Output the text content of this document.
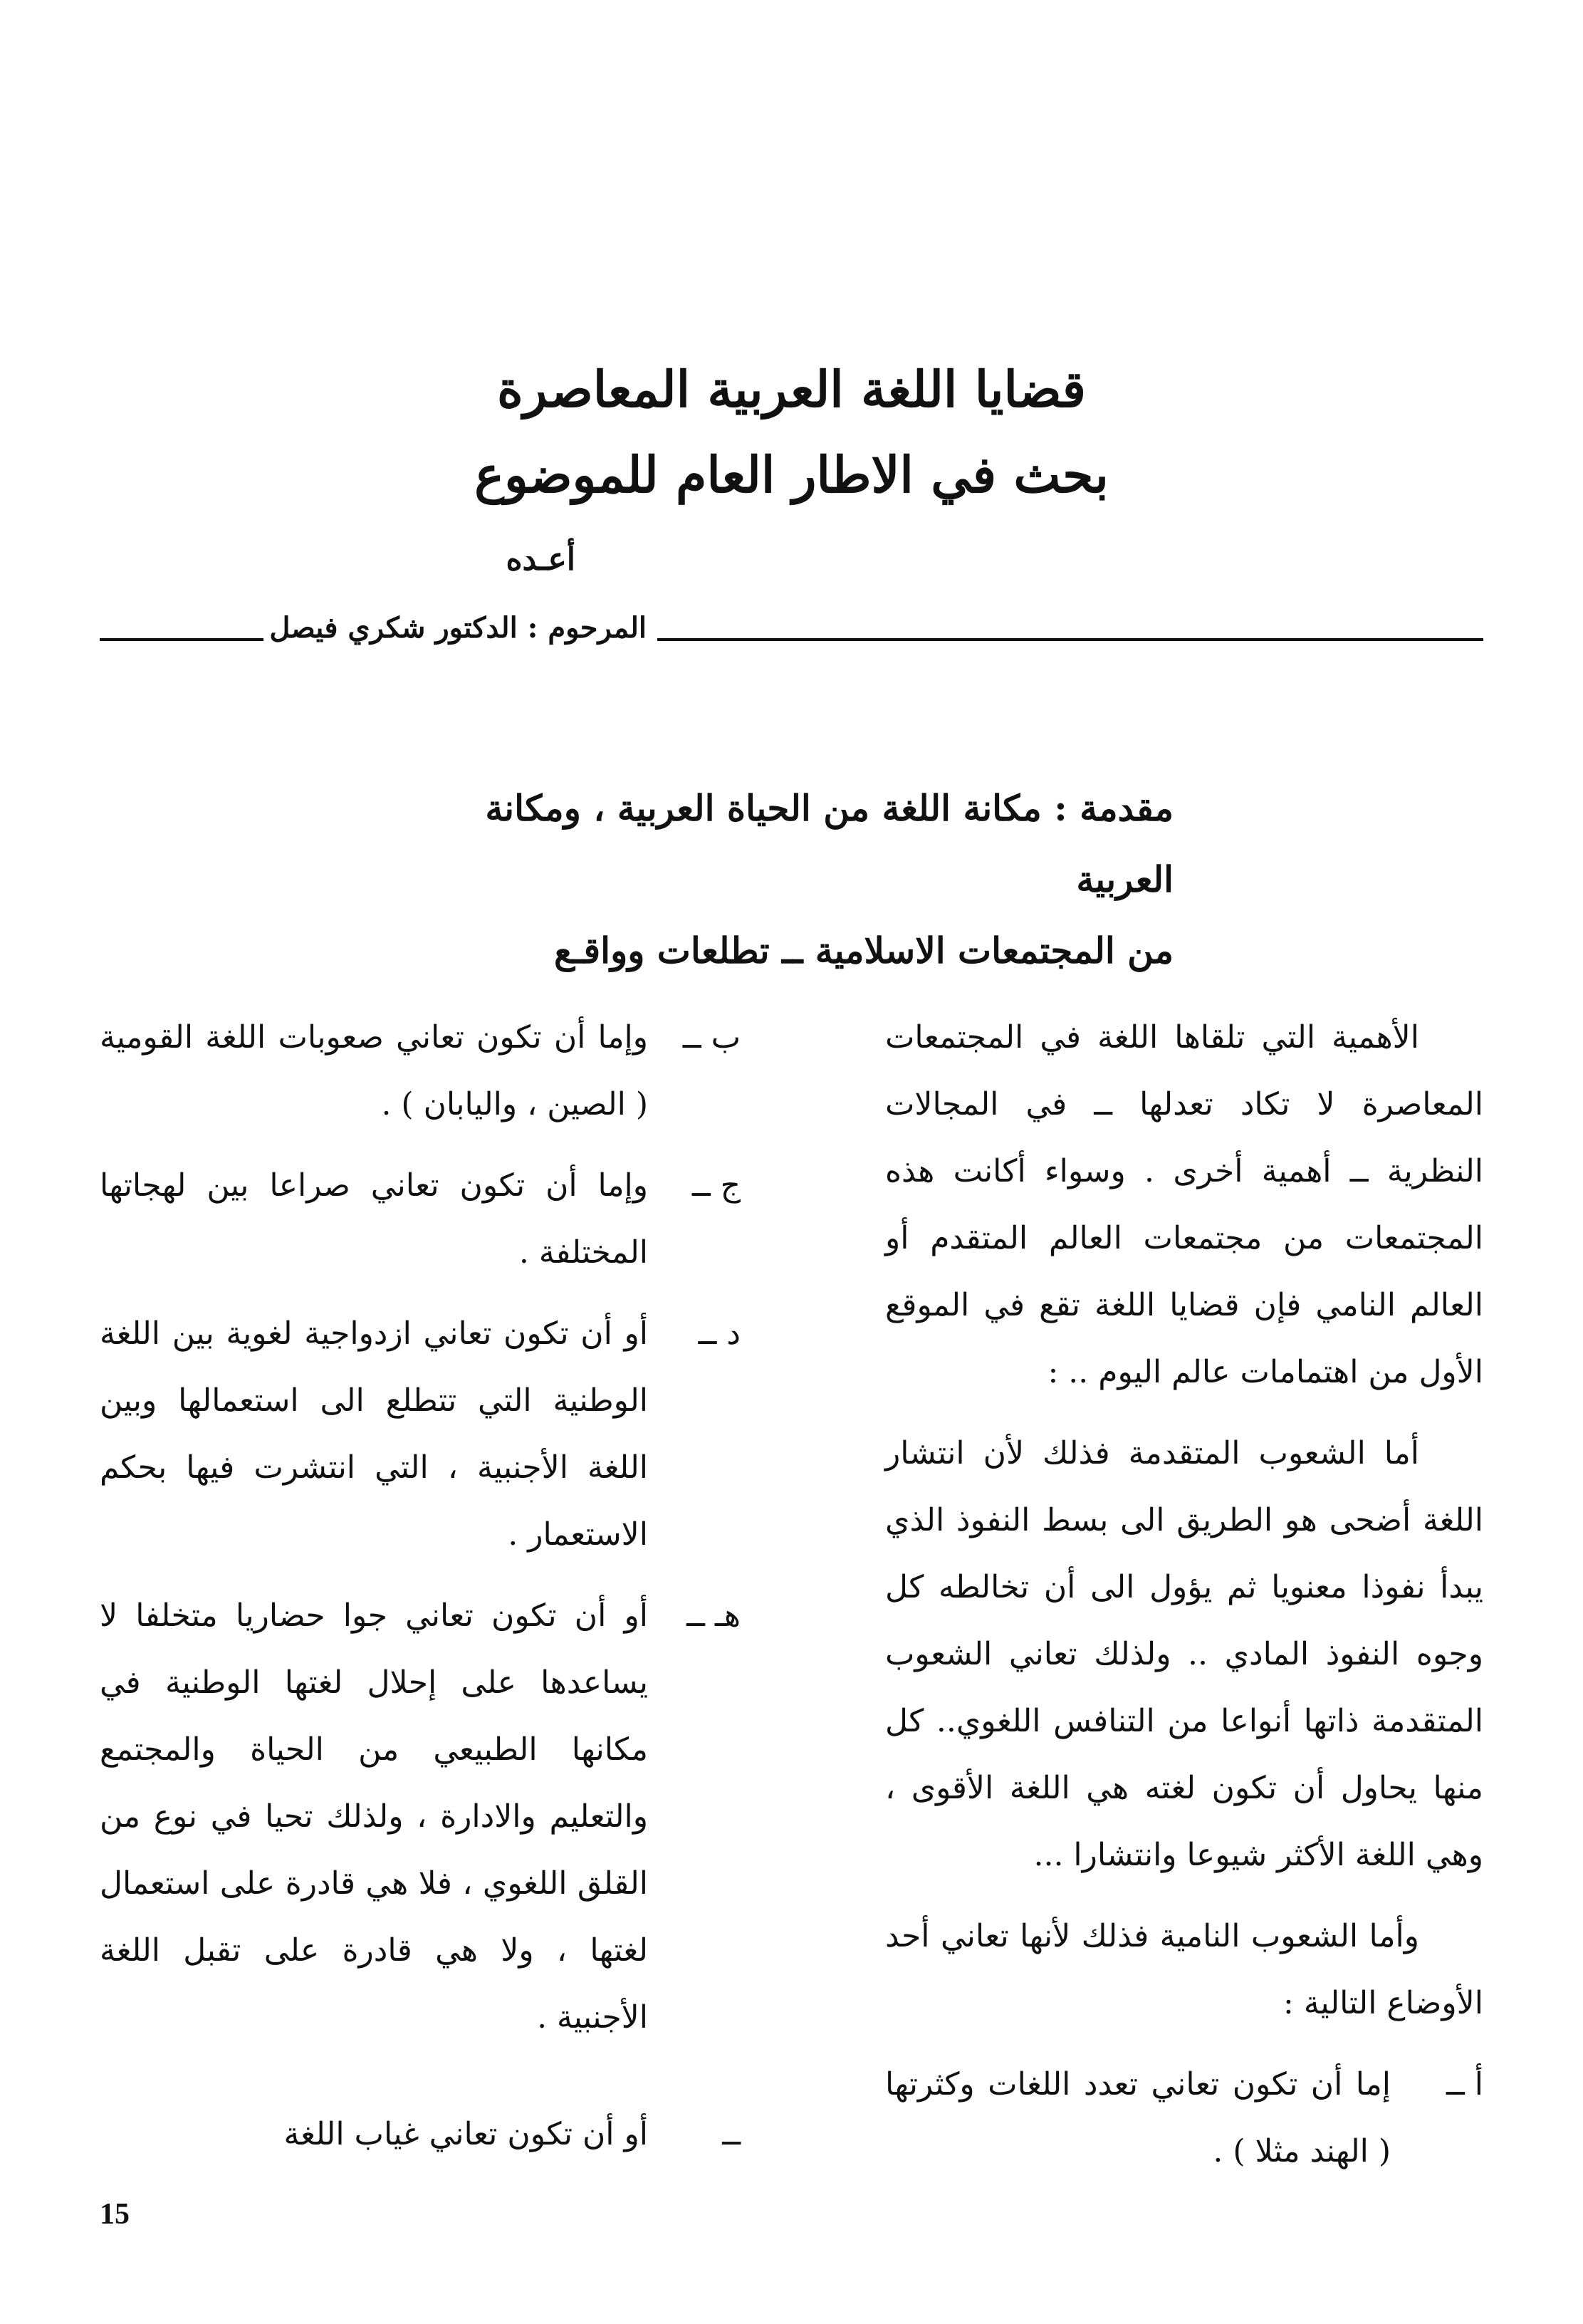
قضايا اللغة العربية المعاصرة
بحث في الاطار العام للموضوع
أعـده
المرحوم : الدكتور شكري فيصل
مقدمة : مكانة اللغة من الحياة العربية ، ومكانة العربية
من المجتمعات الاسلامية ــ تطلعات وواقـع

الأهمية التي تلقاها اللغة في المجتمعات المعاصرة لا تكاد تعدلها ــ في المجالات النظرية ــ أهمية أخرى . وسواء أكانت هذه المجتمعات من مجتمعات العالم المتقدم أو العالم النامي فإن قضايا اللغة تقع في الموقع الأول من اهتمامات عالم اليوم .. :

أما الشعوب المتقدمة فذلك لأن انتشار اللغة أضحى هو الطريق الى بسط النفوذ الذي يبدأ نفوذا معنويا ثم يؤول الى أن تخالطه كل وجوه النفوذ المادي .. ولذلك تعاني الشعوب المتقدمة ذاتها أنواعا من التنافس اللغوي.. كل منها يحاول أن تكون لغته هي اللغة الأقوى ، وهي اللغة الأكثر شيوعا وانتشارا ...

وأما الشعوب النامية فذلك لأنها تعاني أحد الأوضاع التالية :

أ ــ
إما أن تكون تعاني تعدد اللغات وكثرتها ( الهند مثلا ) .
ب ــ
وإما أن تكون تعاني صعوبات اللغة القومية ( الصين ، واليابان ) .
ج ــ
وإما أن تكون تعاني صراعا بين لهجاتها المختلفة .
د ــ
أو أن تكون تعاني ازدواجية لغوية بين اللغة الوطنية التي تتطلع الى استعمالها وبين اللغة الأجنبية ، التي انتشرت فيها بحكم الاستعمار .
هـ ــ
أو أن تكون تعاني جوا حضاريا متخلفا لا يساعدها على إحلال لغتها الوطنية في مكانها الطبيعي من الحياة والمجتمع والتعليم والادارة ، ولذلك تحيا في نوع من القلق اللغوي ، فلا هي قادرة على استعمال لغتها ، ولا هي قادرة على تقبل اللغة الأجنبية .
ــ
أو أن تكون تعاني غياب اللغة
15
